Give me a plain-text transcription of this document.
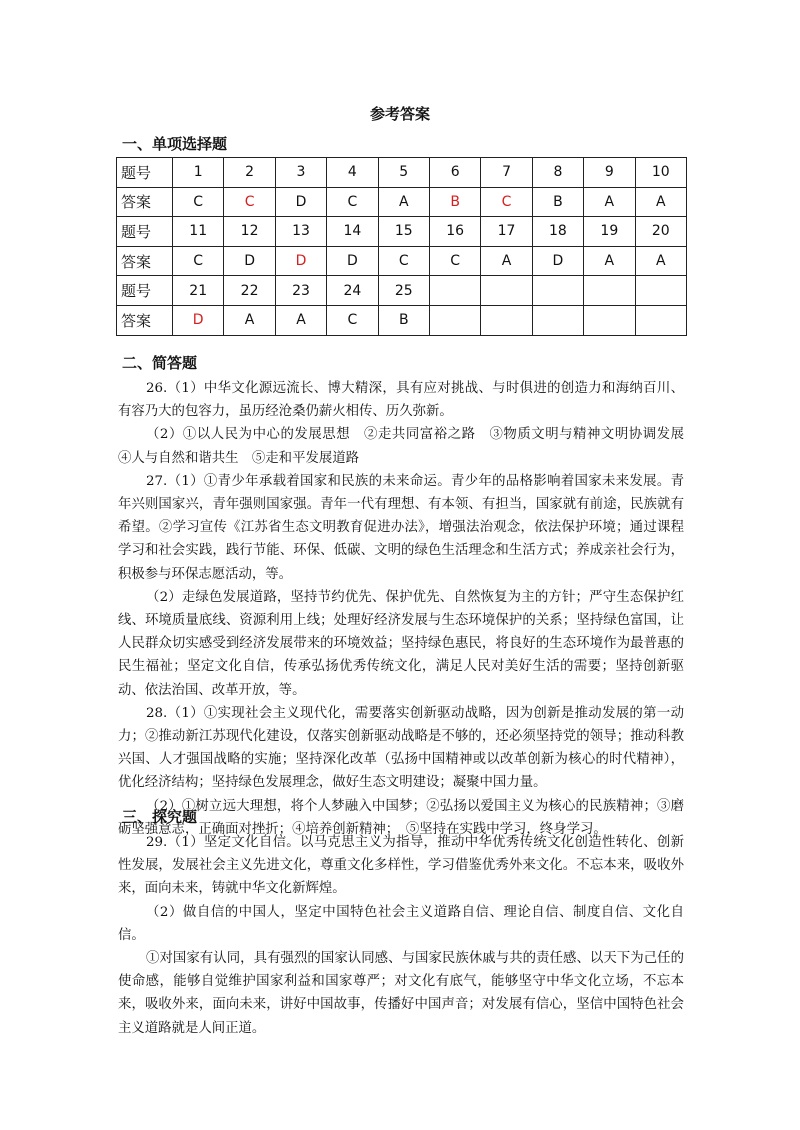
参考答案
一、单项选择题
题号	1	2	3	4	5	6	7	8	9	10
答案	C	C	D	C	A	B	C	B	A	A
题号	11	12	13	14	15	16	17	18	19	20
答案	C	D	D	D	C	C	A	D	A	A
题号	21	22	23	24	25					
答案	D	A	A	C	B					
二、简答题

26.（1）中华文化源远流长、博大精深，具有应对挑战、与时俱进的创造力和海纳百川、有容乃大的包容力，虽历经沧桑仍薪火相传、历久弥新。

（2）①以人民为中心的发展思想　②走共同富裕之路　③物质文明与精神文明协调发展　④人与自然和谐共生　⑤走和平发展道路

27.（1）①青少年承载着国家和民族的未来命运。青少年的品格影响着国家未来发展。青年兴则国家兴，青年强则国家强。青年一代有理想、有本领、有担当，国家就有前途，民族就有希望。②学习宣传《江苏省生态文明教育促进办法》，增强法治观念，依法保护环境；通过课程学习和社会实践，践行节能、环保、低碳、文明的绿色生活理念和生活方式；养成亲社会行为，积极参与环保志愿活动，等。

（2）走绿色发展道路，坚持节约优先、保护优先、自然恢复为主的方针；严守生态保护红线、环境质量底线、资源利用上线；处理好经济发展与生态环境保护的关系；坚持绿色富国，让人民群众切实感受到经济发展带来的环境效益；坚持绿色惠民，将良好的生态环境作为最普惠的民生福祉；坚定文化自信，传承弘扬优秀传统文化，满足人民对美好生活的需要；坚持创新驱动、依法治国、改革开放，等。

28.（1）①实现社会主义现代化，需要落实创新驱动战略，因为创新是推动发展的第一动力；②推动新江苏现代化建设，仅落实创新驱动战略是不够的，还必须坚持党的领导；推动科教兴国、人才强国战略的实施；坚持深化改革（弘扬中国精神或以改革创新为核心的时代精神），优化经济结构；坚持绿色发展理念，做好生态文明建设；凝聚中国力量。

（2）①树立远大理想，将个人梦融入中国梦；②弘扬以爱国主义为核心的民族精神；③磨砺坚强意志，正确面对挫折；④培养创新精神；　⑤坚持在实践中学习，终身学习。

三、探究题

29.（1）坚定文化自信。以马克思主义为指导，推动中华优秀传统文化创造性转化、创新性发展，发展社会主义先进文化，尊重文化多样性，学习借鉴优秀外来文化。不忘本来，吸收外来，面向未来，铸就中华文化新辉煌。

（2）做自信的中国人，坚定中国特色社会主义道路自信、理论自信、制度自信、文化自信。

①对国家有认同，具有强烈的国家认同感、与国家民族休戚与共的责任感、以天下为己任的使命感，能够自觉维护国家利益和国家尊严；对文化有底气，能够坚守中华文化立场，不忘本来，吸收外来，面向未来，讲好中国故事，传播好中国声音；对发展有信心，坚信中国特色社会主义道路就是人间正道。
